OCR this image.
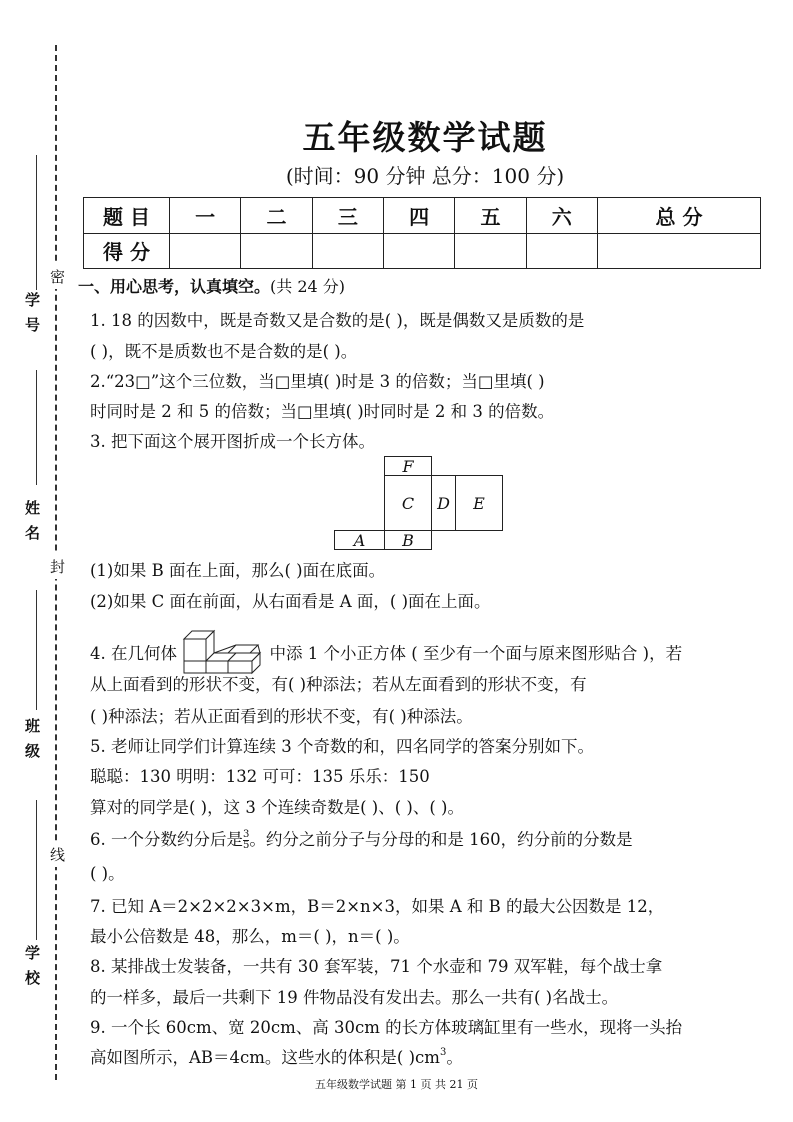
学号
姓名
班级
学校
密
封
线
五年级数学试题
(时间：90 分钟 总分：100 分)
题 目	一	二	三	四	五	六	总 分
得 分							
一、用心思考，认真填空。(共 24 分)
1. 18 的因数中，既是奇数又是合数的是( )，既是偶数又是质数的是
( )，既不是质数也不是合数的是( )。
2.“23□”这个三位数，当□里填( )时是 3 的倍数；当□里填( )
时同时是 2 和 5 的倍数；当□里填( )时同时是 2 和 3 的倍数。
3. 把下面这个展开图折成一个长方体。
F
C	D	E
A	B
(1)如果 B 面在上面，那么( )面在底面。
(2)如果 C 面在前面，从右面看是 A 面，( )面在上面。
4. 在几何体	中添 1 个小正方体 ( 至少有一个面与原来图形贴合 )，若
从上面看到的形状不变，有( )种添法；若从左面看到的形状不变，有
( )种添法；若从正面看到的形状不变，有( )种添法。
5. 老师让同学们计算连续 3 个奇数的和，四名同学的答案分别如下。
聪聪：130 明明：132 可可：135 乐乐：150
算对的同学是( )，这 3 个连续奇数是( )、( )、( )。
6. 一个分数约分后是 $\frac{3}{5}$ 。约分之前分子与分母的和是 160，约分前的分数是
( )。
7. 已知 A＝2×2×2×3×m，B＝2×n×3，如果 A 和 B 的最大公因数是 12，
最小公倍数是 48，那么，m＝( )，n＝( )。
8. 某排战士发装备，一共有 30 套军装，71 个水壶和 79 双军鞋，每个战士拿
的一样多，最后一共剩下 19 件物品没有发出去。那么一共有( )名战士。
9. 一个长 60cm、宽 20cm、高 30cm 的长方体玻璃缸里有一些水，现将一头抬
高如图所示，AB＝4cm。这些水的体积是( )$cm^3$。
五年级数学试题 第 1 页 共 21 页
